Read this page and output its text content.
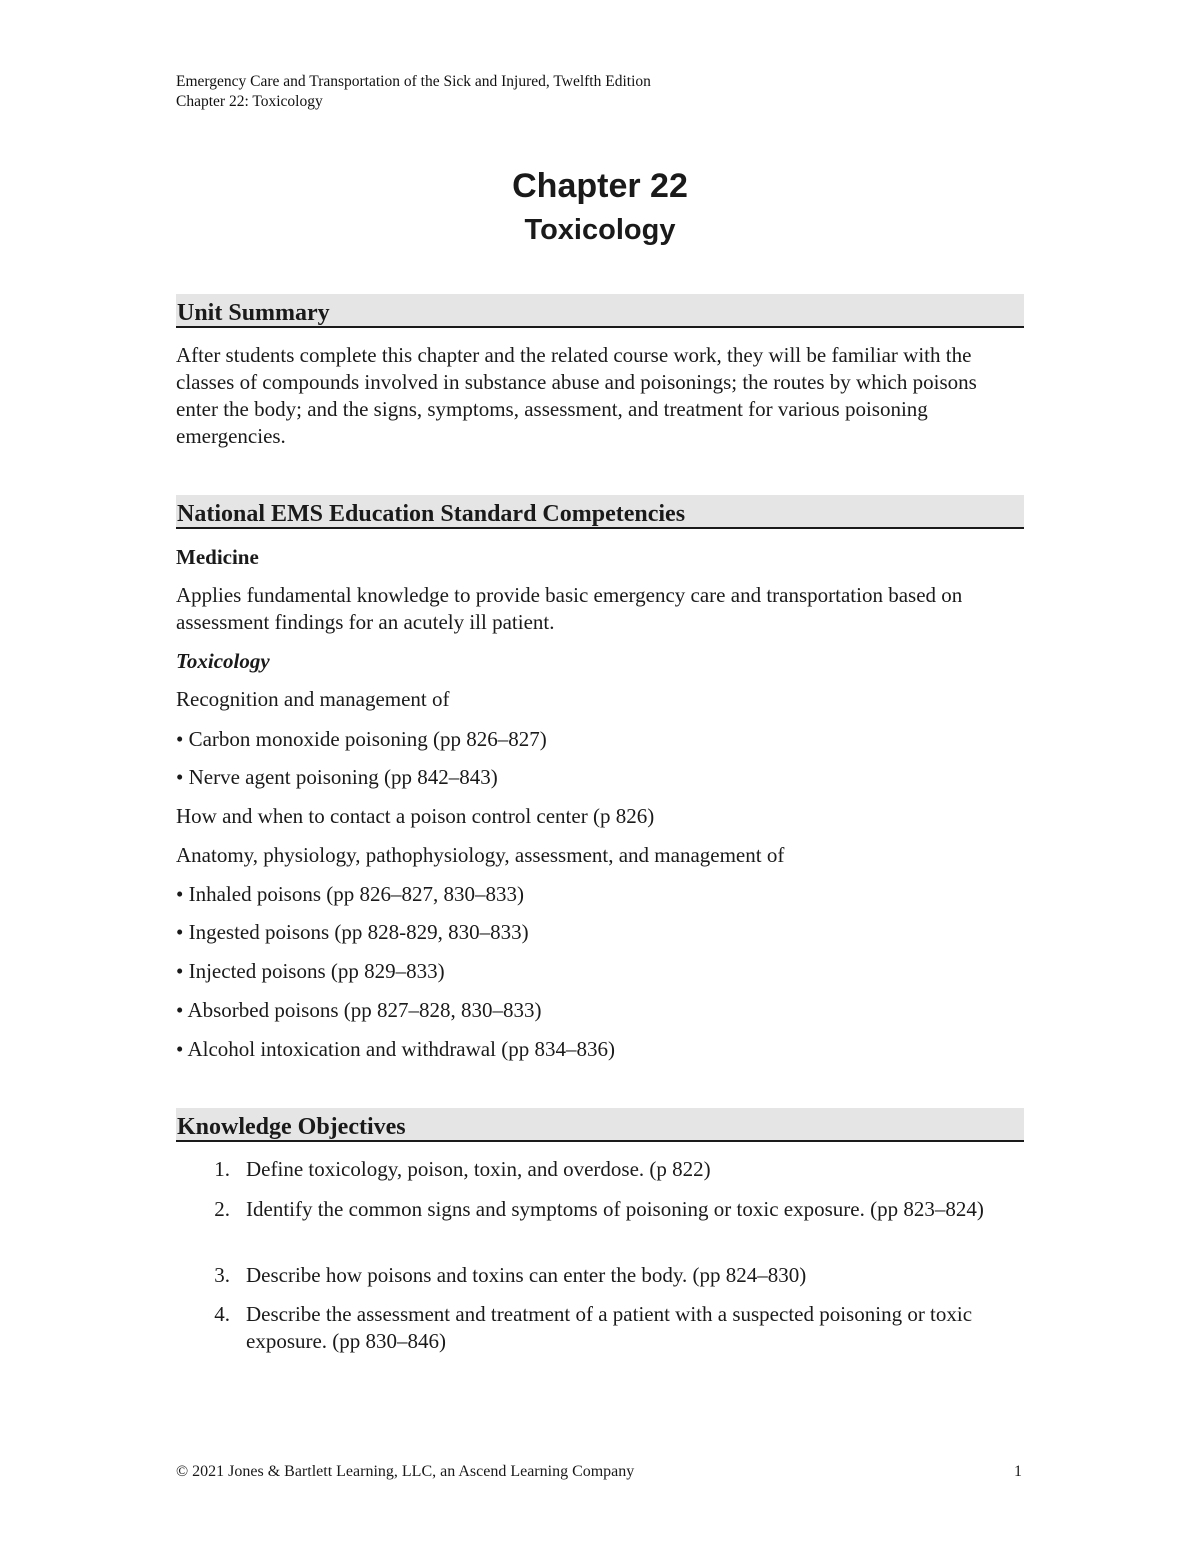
Emergency Care and Transportation of the Sick and Injured, Twelfth Edition
Chapter 22: Toxicology
Chapter 22
Toxicology
Unit Summary
After students complete this chapter and the related course work, they will be familiar with the classes of compounds involved in substance abuse and poisonings; the routes by which poisons enter the body; and the signs, symptoms, assessment, and treatment for various poisoning emergencies.
National EMS Education Standard Competencies
Medicine
Applies fundamental knowledge to provide basic emergency care and transportation based on assessment findings for an acutely ill patient.
Toxicology
Recognition and management of
• Carbon monoxide poisoning (pp 826–827)
• Nerve agent poisoning (pp 842–843)
How and when to contact a poison control center (p 826)
Anatomy, physiology, pathophysiology, assessment, and management of
• Inhaled poisons (pp 826–827, 830–833)
• Ingested poisons (pp 828-829, 830–833)
• Injected poisons (pp 829–833)
• Absorbed poisons (pp 827–828, 830–833)
• Alcohol intoxication and withdrawal (pp 834–836)
Knowledge Objectives
1. Define toxicology, poison, toxin, and overdose. (p 822)
2. Identify the common signs and symptoms of poisoning or toxic exposure. (pp 823–824)
3. Describe how poisons and toxins can enter the body. (pp 824–830)
4. Describe the assessment and treatment of a patient with a suspected poisoning or toxic exposure. (pp 830–846)
© 2021 Jones & Bartlett Learning, LLC, an Ascend Learning Company	1
